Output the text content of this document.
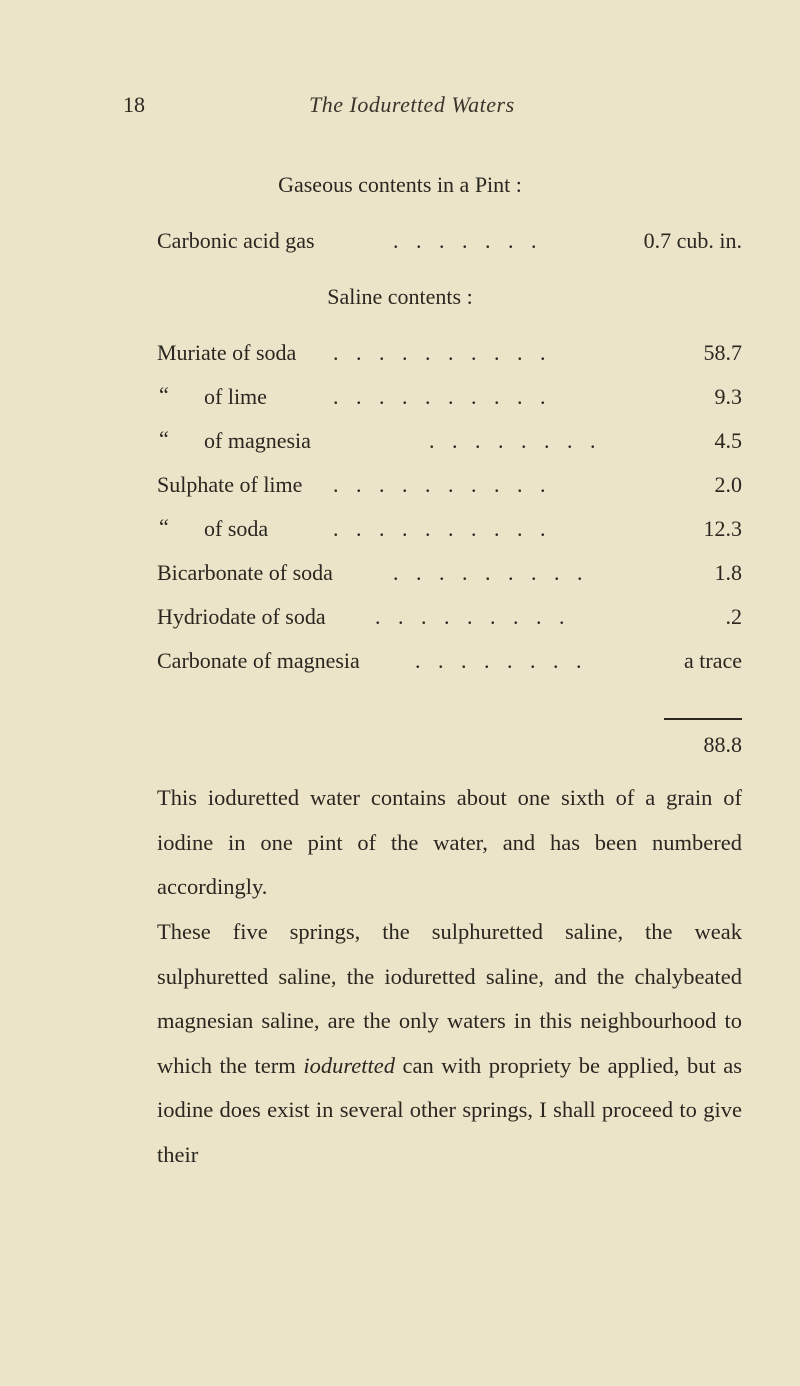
18	The Ioduretted Waters
Gaseous contents in a Pint :
Carbonic acid gas	. . . . . . .	0.7 cub. in.
Saline contents :
Muriate of soda . . . . . . . . . .	58.7
“ of lime	. . . . . . . . . .	9.3
“ of magnesia	. . . . . . . .	4.5
Sulphate of lime . . . . . . . . . .	2.0
“ of soda	. . . . . . . . . .	12.3
Bicarbonate of soda	. . . . . . . . .	1.8
Hydriodate of soda . . . . . . . . .	.2
Carbonate of magnesia	. . . . . . . .	a trace
88.8

This ioduretted water contains about one sixth of a grain of iodine in one pint of the water, and has been numbered accordingly.

These five springs, the sulphuretted saline, the weak sulphuretted saline, the ioduretted saline, and the chalybeated magnesian saline, are the only waters in this neighbourhood to which the term ioduretted can with propriety be applied, but as iodine does exist in several other springs, I shall proceed to give their
